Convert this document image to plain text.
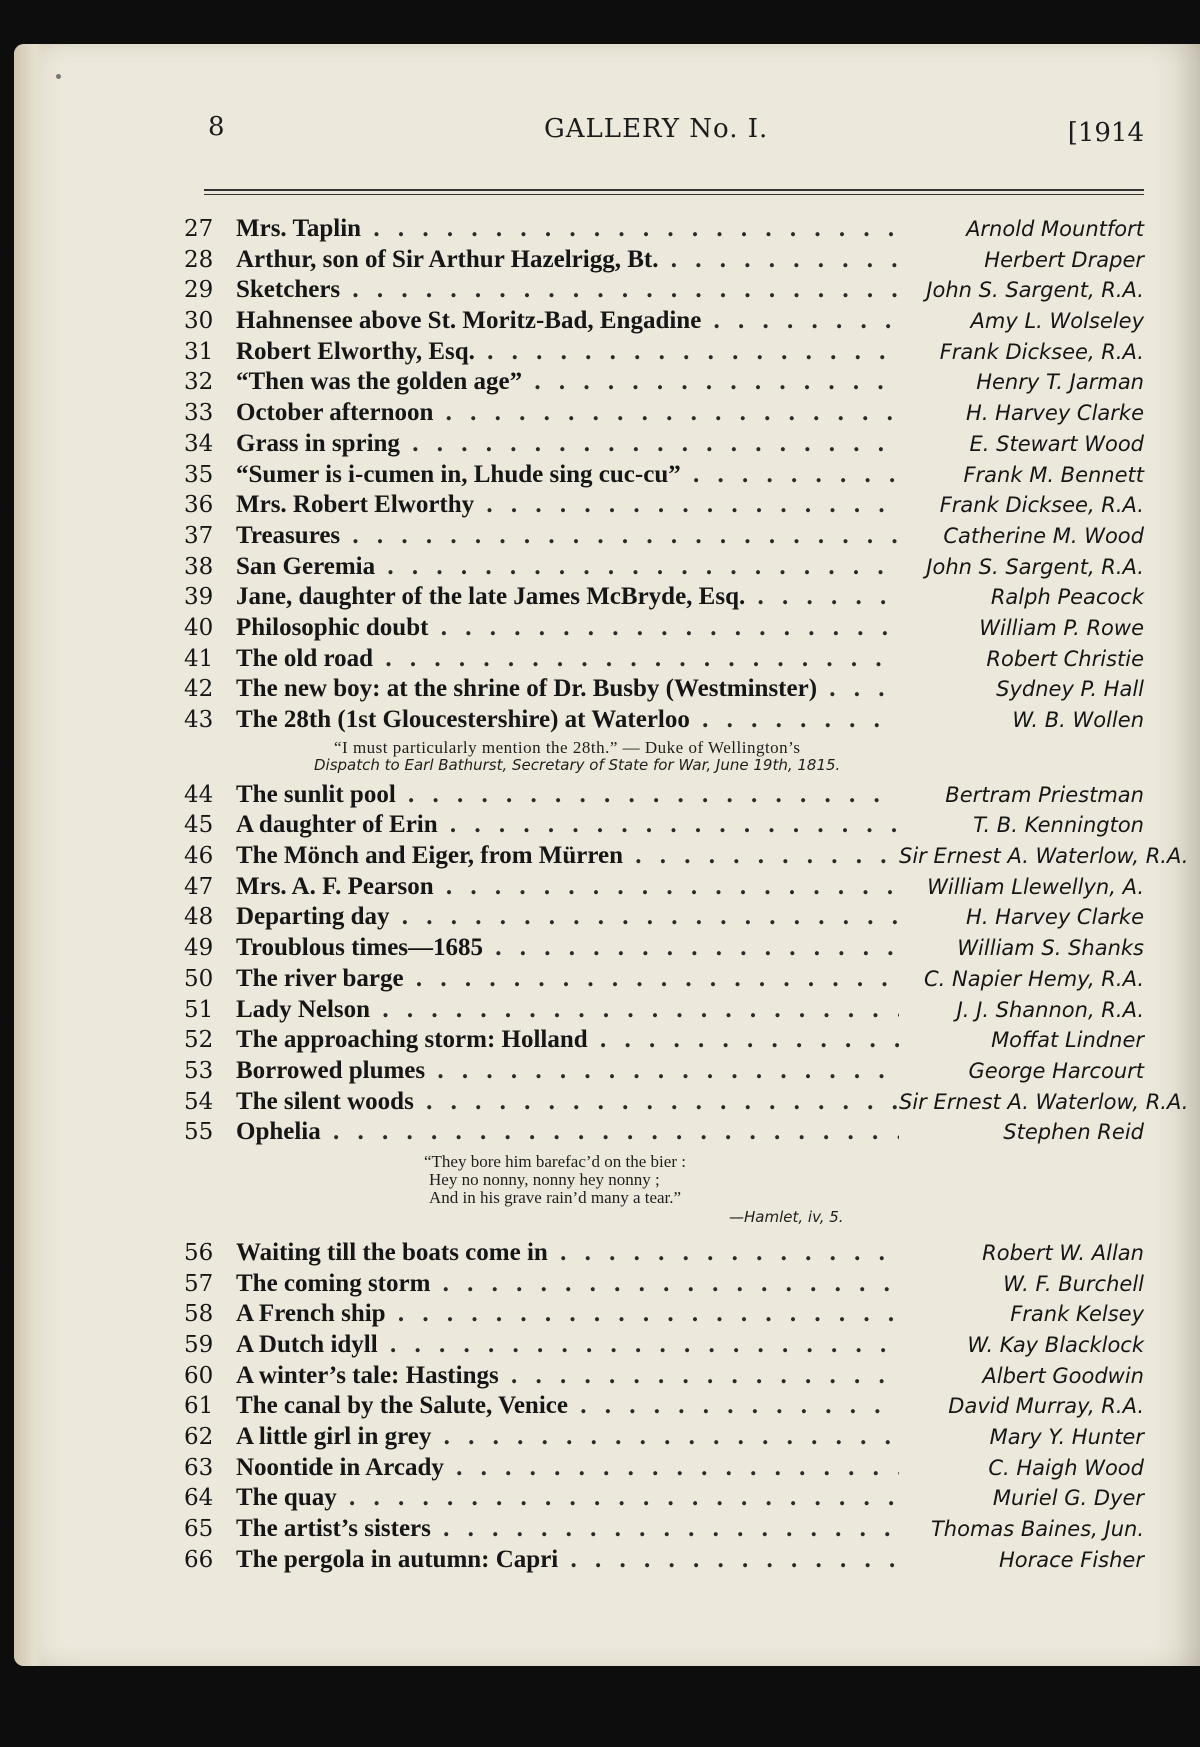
8	GALLERY No. I.	[1914
27 Mrs. Taplin . . .	Arnold Mountfort
28 Arthur, son of Sir Arthur Hazelrigg, Bt. . . .	Herbert Draper
29 Sketchers . . .	John S. Sargent, R.A.
30 Hahnensee above St. Moritz-Bad, Engadine . . .	Amy L. Wolseley
31 Robert Elworthy, Esq. . . .	Frank Dicksee, R.A.
32 “Then was the golden age” . . .	Henry T. Jarman
33 October afternoon . . .	H. Harvey Clarke
34 Grass in spring . . .	E. Stewart Wood
35 “Sumer is i-cumen in, Lhude sing cuc-cu” . . .	Frank M. Bennett
36 Mrs. Robert Elworthy . . .	Frank Dicksee, R.A.
37 Treasures . . .	Catherine M. Wood
38 San Geremia . . .	John S. Sargent, R.A.
39 Jane, daughter of the late James McBryde, Esq. . . .	Ralph Peacock
40 Philosophic doubt . . .	William P. Rowe
41 The old road . . .	Robert Christie
42 The new boy: at the shrine of Dr. Busby (Westminster) . . .	Sydney P. Hall
43 The 28th (1st Gloucestershire) at Waterloo . . .	W. B. Wollen
“I must particularly mention the 28th.” — Duke of Wellington’s
Dispatch to Earl Bathurst, Secretary of State for War, June 19th, 1815.
44 The sunlit pool . . .	Bertram Priestman
45 A daughter of Erin . . .	T. B. Kennington
46 The Mönch and Eiger, from Mürren . . .	Sir Ernest A. Waterlow, R.A.
47 Mrs. A. F. Pearson . . .	William Llewellyn, A.
48 Departing day . . .	H. Harvey Clarke
49 Troublous times—1685 . . .	William S. Shanks
50 The river barge . . .	C. Napier Hemy, R.A.
51 Lady Nelson . . .	J. J. Shannon, R.A.
52 The approaching storm: Holland . . .	Moffat Lindner
53 Borrowed plumes . . .	George Harcourt
54 The silent woods . . .	Sir Ernest A. Waterlow, R.A.
55 Ophelia . . .	Stephen Reid
“They bore him barefac’d on the bier :
Hey no nonny, nonny hey nonny ;
And in his grave rain’d many a tear.”
—Hamlet, iv, 5.
56 Waiting till the boats come in . . .	Robert W. Allan
57 The coming storm . . .	W. F. Burchell
58 A French ship . . .	Frank Kelsey
59 A Dutch idyll . . .	W. Kay Blacklock
60 A winter’s tale: Hastings . . .	Albert Goodwin
61 The canal by the Salute, Venice . . .	David Murray, R.A.
62 A little girl in grey . . .	Mary Y. Hunter
63 Noontide in Arcady . . .	C. Haigh Wood
64 The quay . . .	Muriel G. Dyer
65 The artist’s sisters . . .	Thomas Baines, Jun.
66 The pergola in autumn: Capri . . .	Horace Fisher
